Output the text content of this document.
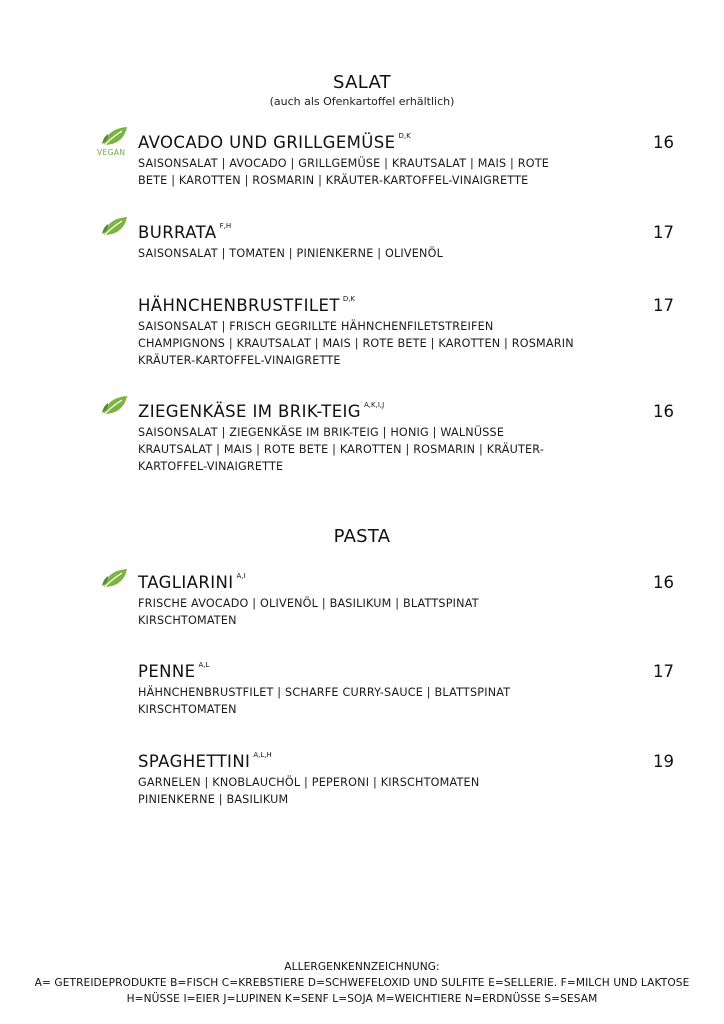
SALAT
(auch als Ofenkartoffel erhältlich)
VEGAN
AVOCADO UND GRILLGEMÜSE $^{D,K}$	16
SAISONSALAT | AVOCADO | GRILLGEMÜSE | KRAUTSALAT | MAIS | ROTE
BETE | KAROTTEN | ROSMARIN | KRÄUTER-KARTOFFEL-VINAIGRETTE
BURRATA $^{F,H}$	17
SAISONSALAT | TOMATEN | PINIENKERNE | OLIVENÖL
HÄHNCHENBRUSTFILET $^{D,K}$	17
SAISONSALAT | FRISCH GEGRILLTE HÄHNCHENFILETSTREIFEN
CHAMPIGNONS | KRAUTSALAT | MAIS | ROTE BETE | KAROTTEN | ROSMARIN
KRÄUTER-KARTOFFEL-VINAIGRETTE
ZIEGENKÄSE IM BRIK-TEIG $^{A,K,I,J}$	16
SAISONSALAT | ZIEGENKÄSE IM BRIK-TEIG | HONIG | WALNÜSSE
KRAUTSALAT | MAIS | ROTE BETE | KAROTTEN | ROSMARIN | KRÄUTER-
KARTOFFEL-VINAIGRETTE
PASTA
TAGLIARINI $^{A,I}$	16
FRISCHE AVOCADO | OLIVENÖL | BASILIKUM | BLATTSPINAT
KIRSCHTOMATEN
PENNE $^{A,L}$	17
HÄHNCHENBRUSTFILET | SCHARFE CURRY-SAUCE | BLATTSPINAT
KIRSCHTOMATEN
SPAGHETTINI $^{A,L,H}$	19
GARNELEN | KNOBLAUCHÖL | PEPERONI | KIRSCHTOMATEN
PINIENKERNE | BASILIKUM
ALLERGENKENNZEICHNUNG:
A= GETREIDEPRODUKTE B=FISCH C=KREBSTIERE D=SCHWEFELOXID UND SULFITE E=SELLERIE. F=MILCH UND LAKTOSE
H=NÜSSE I=EIER J=LUPINEN K=SENF L=SOJA M=WEICHTIERE N=ERDNÜSSE S=SESAM
